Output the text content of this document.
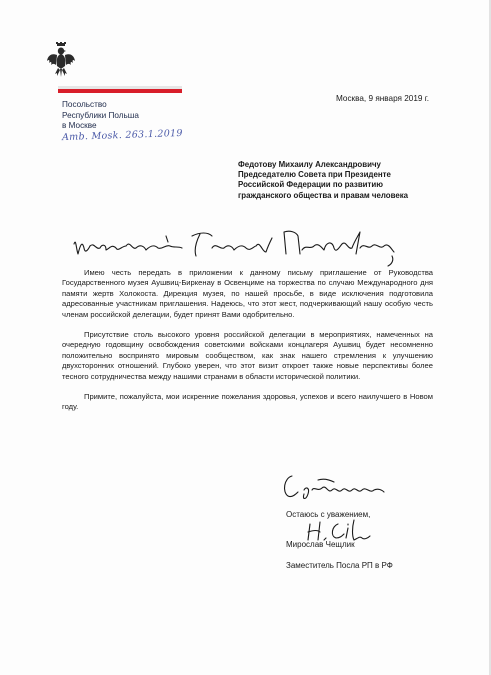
Посольство
Республики Польша
в Москве
Amb. Mosk. 263.1.2019
Москва, 9 января 2019 г.
Федотову Михаилу Александровичу
Председателю Совета при Президенте
Российской Федерации по развитию
гражданского общества и правам человека

Имею честь передать в приложении к данному письму приглашение от Руководства Государственного музея Аушвиц-Биркенау в Освенциме на торжества по случаю Международного дня памяти жертв Холокоста. Дирекция музея, по нашей просьбе, в виде исключения подготовила адресованные участникам приглашения. Надеюсь, что этот жест, подчеркивающий нашу особую честь членам российской делегации, будет принят Вами одобрительно.

Присутствие столь высокого уровня российской делегации в мероприятиях, намеченных на очередную годовщину освобождения советскими войсками концлагеря Аушвиц будет несомненно положительно воспринято мировым сообществом, как знак нашего стремления к улучшению двухсторонних отношений. Глубоко уверен, что этот визит откроет также новые перспективы более тесного сотрудничества между нашими странами в области исторической политики.

Примите, пожалуйста, мои искренние пожелания здоровья, успехов и всего наилучшего в Новом году.

Остаюсь с уважением,
Мирослав Чещлик
Заместитель Посла РП в РФ
